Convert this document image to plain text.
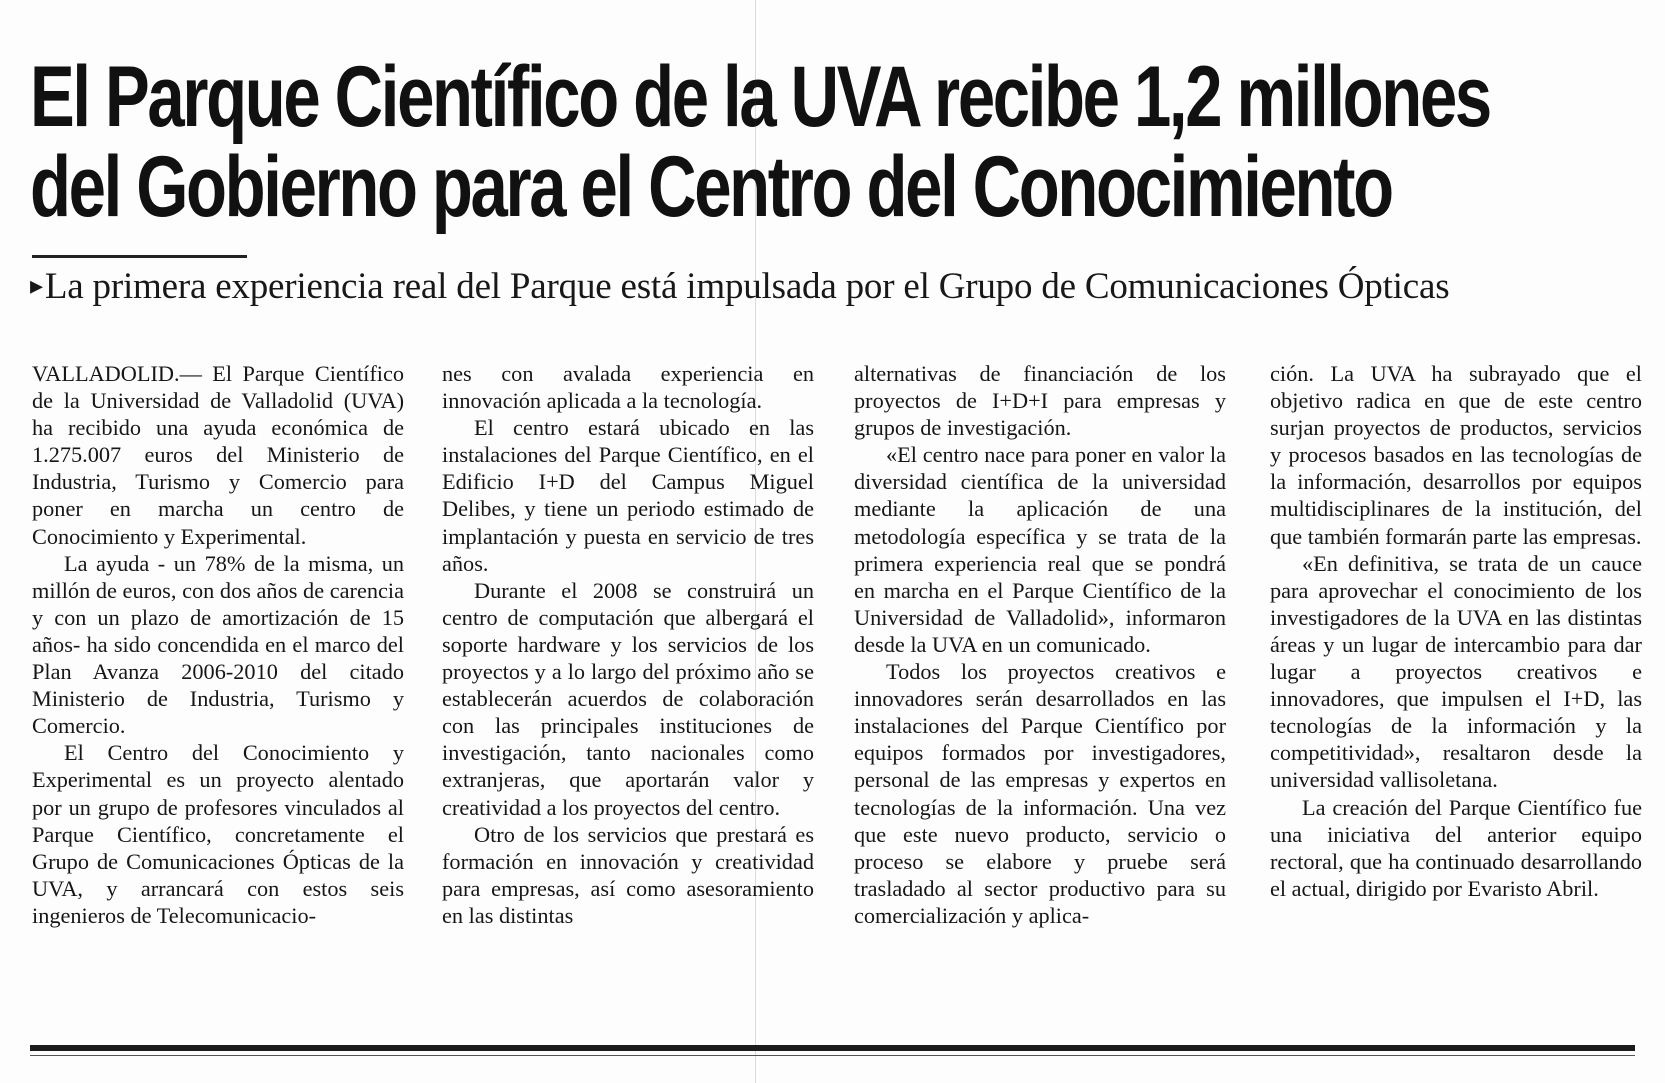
El Parque Científico de la UVA recibe 1,2 millones
del Gobierno para el Centro del Conocimiento
▸La primera experiencia real del Parque está impulsada por el Grupo de Comunicaciones Ópticas

VALLADOLID.— El Parque Científico de la Universidad de Valladolid (UVA) ha recibido una ayuda económica de 1.275.007 euros del Ministerio de Industria, Turismo y Comercio para poner en marcha un centro de Conocimiento y Experimental.

La ayuda - un 78% de la misma, un millón de euros, con dos años de carencia y con un plazo de amortización de 15 años- ha sido concendida en el marco del Plan Avanza 2006-2010 del citado Ministerio de Industria, Turismo y Comercio.

El Centro del Conocimiento y Experimental es un proyecto alentado por un grupo de profesores vinculados al Parque Científico, concretamente el Grupo de Comunicaciones Ópticas de la UVA, y arrancará con estos seis ingenieros de Telecomunicacio-

nes con avalada experiencia en innovación aplicada a la tecnología.

El centro estará ubicado en las instalaciones del Parque Científico, en el Edificio I+D del Campus Miguel Delibes, y tiene un periodo estimado de implantación y puesta en servicio de tres años.

Durante el 2008 se construirá un centro de computación que albergará el soporte hardware y los servicios de los proyectos y a lo largo del próximo año se establecerán acuerdos de colaboración con las principales instituciones de investigación, tanto nacionales como extranjeras, que aportarán valor y creatividad a los proyectos del centro.

Otro de los servicios que prestará es formación en innovación y creatividad para empresas, así como asesoramiento en las distintas

alternativas de financiación de los proyectos de I+D+I para empresas y grupos de investigación.

«El centro nace para poner en valor la diversidad científica de la universidad mediante la aplicación de una metodología específica y se trata de la primera experiencia real que se pondrá en marcha en el Parque Científico de la Universidad de Valladolid», informaron desde la UVA en un comunicado.

Todos los proyectos creativos e innovadores serán desarrollados en las instalaciones del Parque Científico por equipos formados por investigadores, personal de las empresas y expertos en tecnologías de la información. Una vez que este nuevo producto, servicio o proceso se elabore y pruebe será trasladado al sector productivo para su comercialización y aplica-

ción. La UVA ha subrayado que el objetivo radica en que de este centro surjan proyectos de productos, servicios y procesos basados en las tecnologías de la información, desarrollos por equipos multidisciplinares de la institución, del que también formarán parte las empresas.

«En definitiva, se trata de un cauce para aprovechar el conocimiento de los investigadores de la UVA en las distintas áreas y un lugar de intercambio para dar lugar a proyectos creativos e innovadores, que impulsen el I+D, las tecnologías de la información y la competitividad», resaltaron desde la universidad vallisoletana.

La creación del Parque Científico fue una iniciativa del anterior equipo rectoral, que ha continuado desarrollando el actual, dirigido por Evaristo Abril.
